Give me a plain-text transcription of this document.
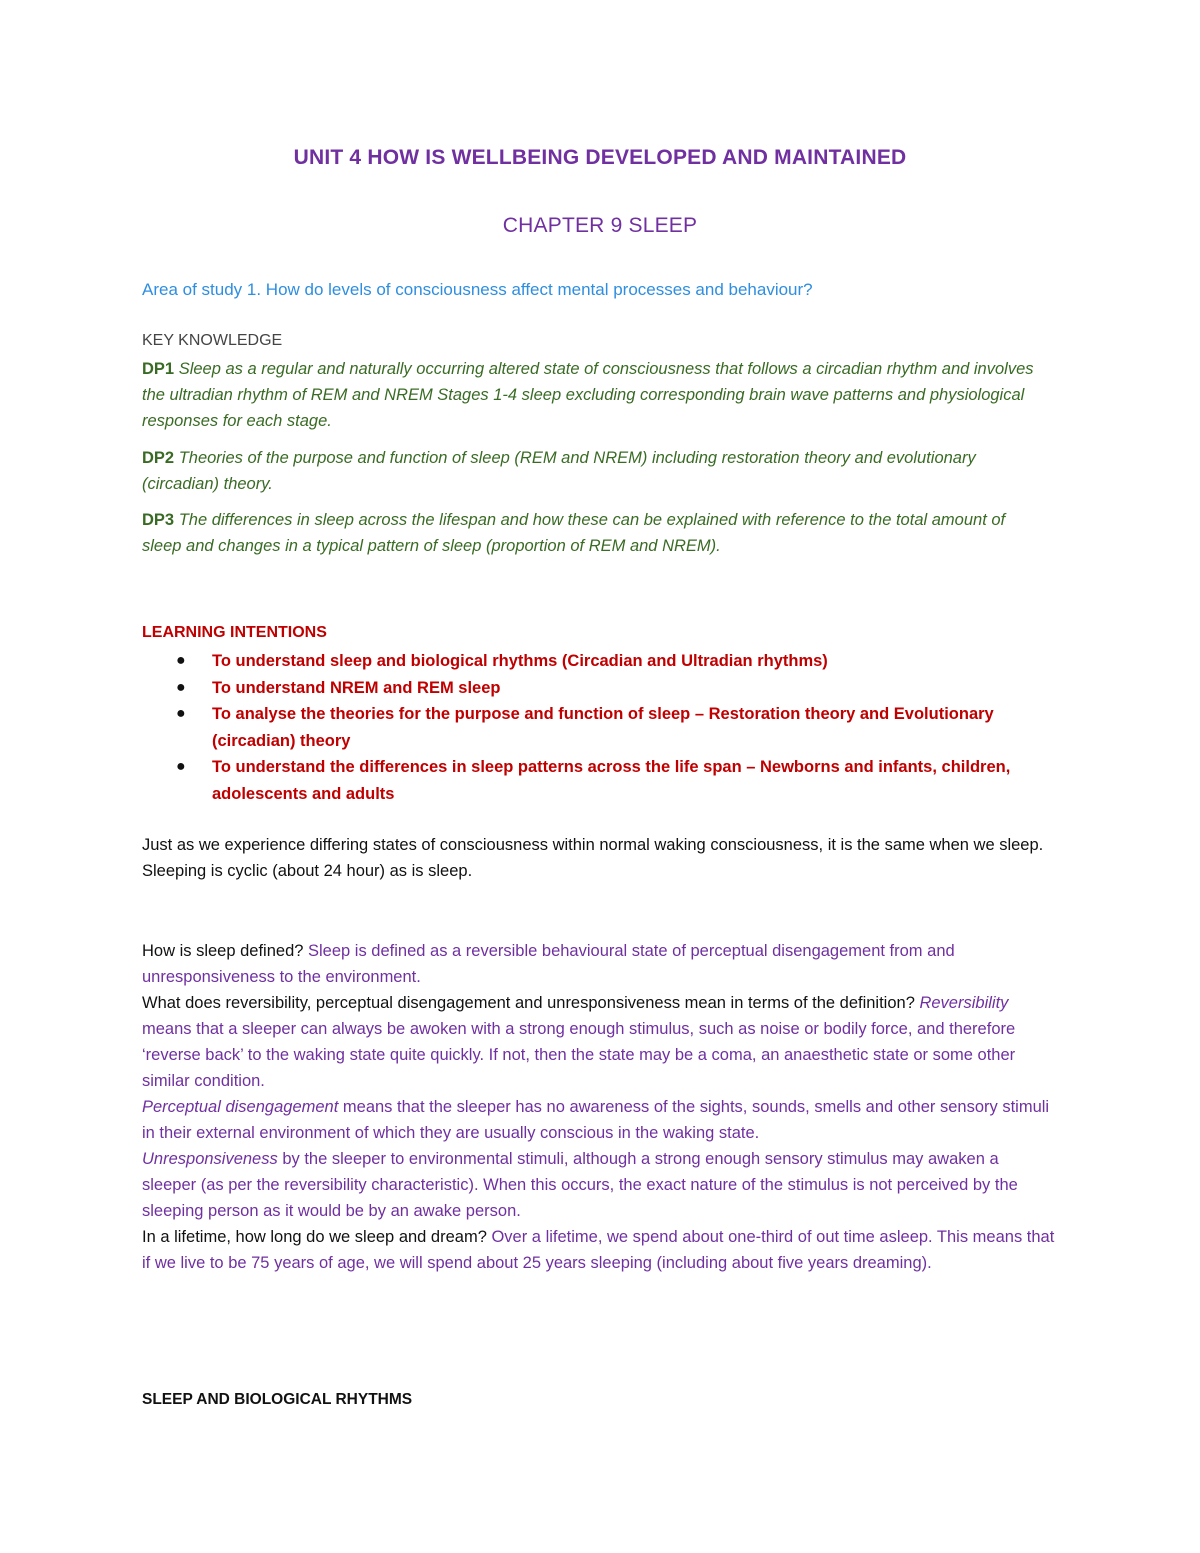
UNIT 4 HOW IS WELLBEING DEVELOPED AND MAINTAINED
CHAPTER 9 SLEEP

Area of study 1. How do levels of consciousness affect mental processes and behaviour?

KEY KNOWLEDGE

DP1 Sleep as a regular and naturally occurring altered state of consciousness that follows a circadian rhythm and involves the ultradian rhythm of REM and NREM Stages 1-4 sleep excluding corresponding brain wave patterns and physiological responses for each stage.

DP2 Theories of the purpose and function of sleep (REM and NREM) including restoration theory and evolutionary (circadian) theory.

DP3 The differences in sleep across the lifespan and how these can be explained with reference to the total amount of sleep and changes in a typical pattern of sleep (proportion of REM and NREM).

LEARNING INTENTIONS

● To understand sleep and biological rhythms (Circadian and Ultradian rhythms)
● To understand NREM and REM sleep
● To analyse the theories for the purpose and function of sleep – Restoration theory and Evolutionary (circadian) theory
● To understand the differences in sleep patterns across the life span – Newborns and infants, children, adolescents and adults
Just as we experience differing states of consciousness within normal waking consciousness, it is the same when we sleep.
Sleeping is cyclic (about 24 hour) as is sleep.
How is sleep defined? Sleep is defined as a reversible behavioural state of perceptual disengagement from and unresponsiveness to the environment.
What does reversibility, perceptual disengagement and unresponsiveness mean in terms of the definition? Reversibility means that a sleeper can always be awoken with a strong enough stimulus, such as noise or bodily force, and therefore ‘reverse back’ to the waking state quite quickly. If not, then the state may be a coma, an anaesthetic state or some other similar condition.
Perceptual disengagement means that the sleeper has no awareness of the sights, sounds, smells and other sensory stimuli in their external environment of which they are usually conscious in the waking state.
Unresponsiveness by the sleeper to environmental stimuli, although a strong enough sensory stimulus may awaken a sleeper (as per the reversibility characteristic). When this occurs, the exact nature of the stimulus is not perceived by the sleeping person as it would be by an awake person.
In a lifetime, how long do we sleep and dream? Over a lifetime, we spend about one-third of out time asleep. This means that if we live to be 75 years of age, we will spend about 25 years sleeping (including about five years dreaming).

SLEEP AND BIOLOGICAL RHYTHMS
